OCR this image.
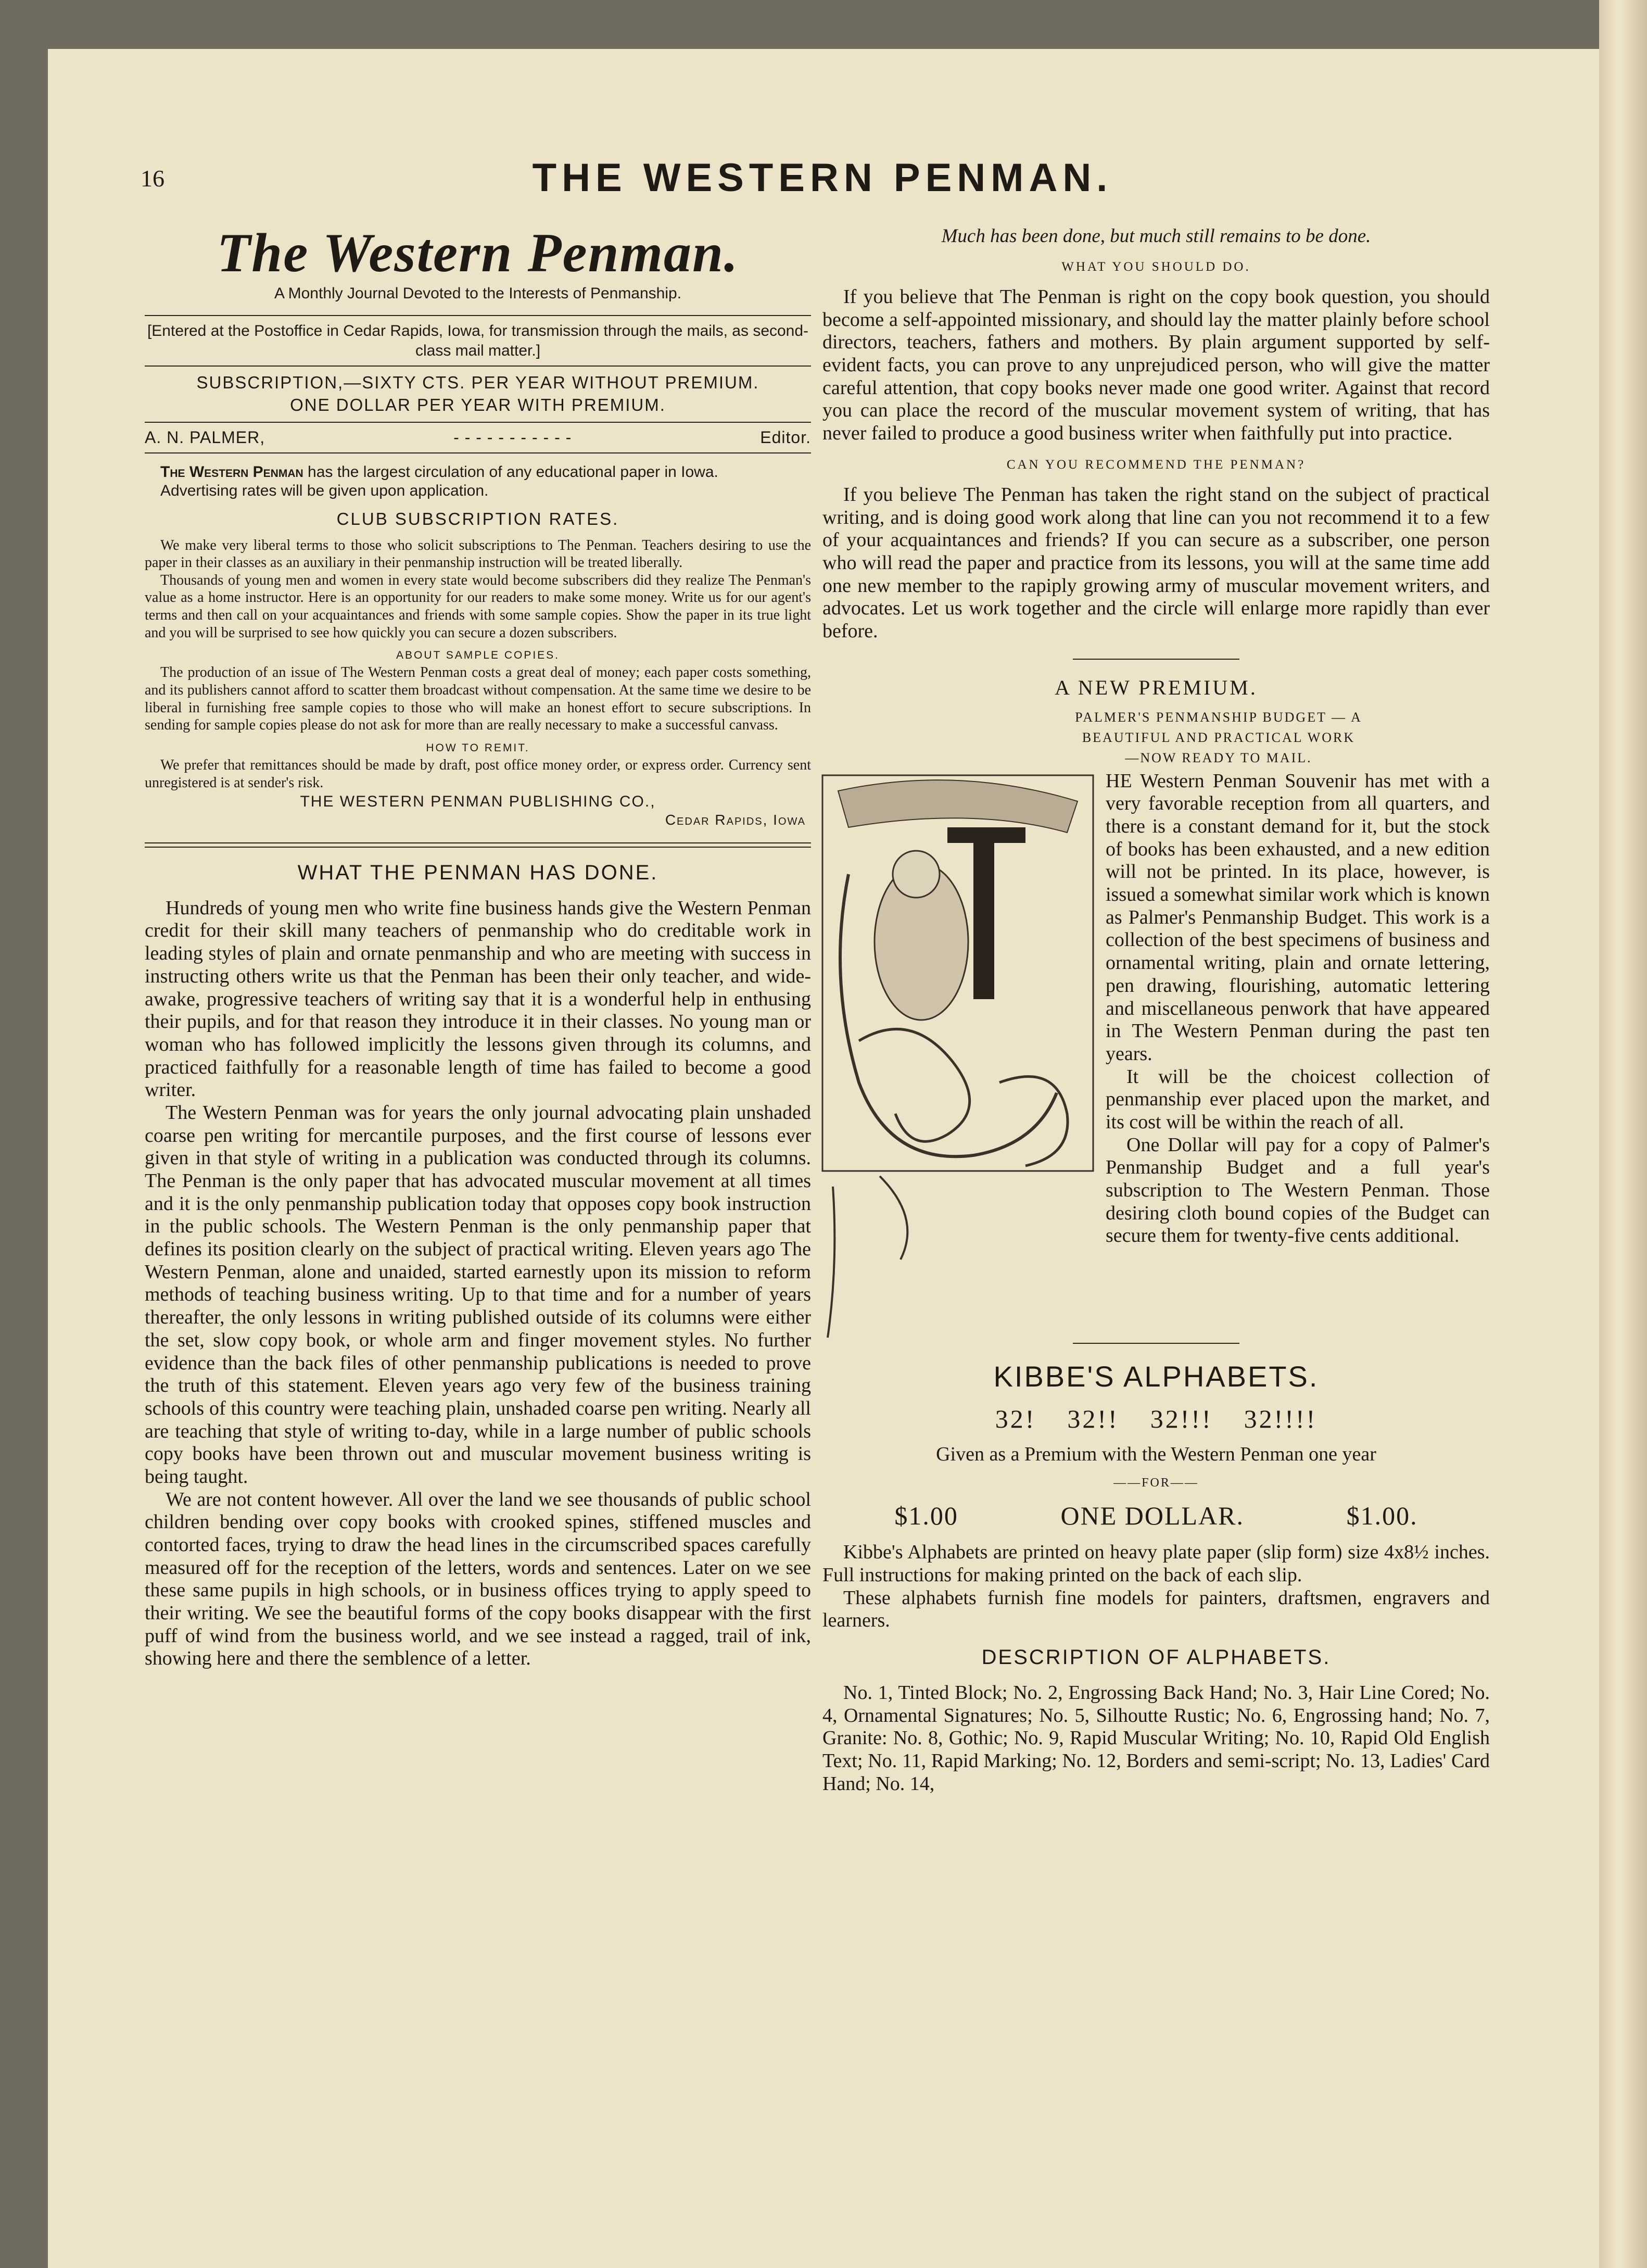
16	THE WESTERN PENMAN.
The Western Penman.
A Monthly Journal Devoted to the Interests of Penmanship.
[Entered at the Postoffice in Cedar Rapids, Iowa, for transmission through the mails, as second-class mail matter.]
SUBSCRIPTION,—SIXTY CTS. PER YEAR WITHOUT PREMIUM.
ONE DOLLAR PER YEAR WITH PREMIUM.
A. N. PALMER,	- - - - - - - - - - -	Editor.

The Western Penman has the largest circulation of any educational paper in Iowa.

Advertising rates will be given upon application.

CLUB SUBSCRIPTION RATES.

We make very liberal terms to those who solicit subscriptions to The Penman. Teachers desiring to use the paper in their classes as an auxiliary in their penmanship instruction will be treated liberally.

Thousands of young men and women in every state would become subscribers did they realize The Penman's value as a home instructor. Here is an opportunity for our readers to make some money. Write us for our agent's terms and then call on your acquaintances and friends with some sample copies. Show the paper in its true light and you will be surprised to see how quickly you can secure a dozen subscribers.

ABOUT SAMPLE COPIES.

The production of an issue of The Western Penman costs a great deal of money; each paper costs something, and its publishers cannot afford to scatter them broadcast without compensation. At the same time we desire to be liberal in furnishing free sample copies to those who will make an honest effort to secure subscriptions. In sending for sample copies please do not ask for more than are really necessary to make a successful canvass.

HOW TO REMIT.

We prefer that remittances should be made by draft, post office money order, or express order. Currency sent unregistered is at sender's risk.

THE WESTERN PENMAN PUBLISHING CO.,
Cedar Rapids, Iowa
WHAT THE PENMAN HAS DONE.

Hundreds of young men who write fine business hands give the Western Penman credit for their skill many teachers of penmanship who do creditable work in leading styles of plain and ornate penmanship and who are meeting with success in instructing others write us that the Penman has been their only teacher, and wide-awake, progressive teachers of writing say that it is a wonderful help in enthusing their pupils, and for that reason they introduce it in their classes. No young man or woman who has followed implicitly the lessons given through its columns, and practiced faithfully for a reasonable length of time has failed to become a good writer.

The Western Penman was for years the only journal advocating plain unshaded coarse pen writing for mercantile purposes, and the first course of lessons ever given in that style of writing in a publication was conducted through its columns. The Penman is the only paper that has advocated muscular movement at all times and it is the only penmanship publication today that opposes copy book instruction in the public schools. The Western Penman is the only penmanship paper that defines its position clearly on the subject of practical writing. Eleven years ago The Western Penman, alone and unaided, started earnestly upon its mission to reform methods of teaching business writing. Up to that time and for a number of years thereafter, the only lessons in writing published outside of its columns were either the set, slow copy book, or whole arm and finger movement styles. No further evidence than the back files of other penmanship publications is needed to prove the truth of this statement. Eleven years ago very few of the business training schools of this country were teaching plain, unshaded coarse pen writing. Nearly all are teaching that style of writing to-day, while in a large number of public schools copy books have been thrown out and muscular movement business writing is being taught.

We are not content however. All over the land we see thousands of public school children bending over copy books with crooked spines, stiffened muscles and contorted faces, trying to draw the head lines in the circumscribed spaces carefully measured off for the reception of the letters, words and sentences. Later on we see these same pupils in high schools, or in business offices trying to apply speed to their writing. We see the beautiful forms of the copy books disappear with the first puff of wind from the business world, and we see instead a ragged, trail of ink, showing here and there the semblence of a letter.

Much has been done, but much still remains to be done.
WHAT YOU SHOULD DO.

If you believe that The Penman is right on the copy book question, you should become a self-appointed missionary, and should lay the matter plainly before school directors, teachers, fathers and mothers. By plain argument supported by self-evident facts, you can prove to any unprejudiced person, who will give the matter careful attention, that copy books never made one good writer. Against that record you can place the record of the muscular movement system of writing, that has never failed to produce a good business writer when faithfully put into practice.

CAN YOU RECOMMEND THE PENMAN?

If you believe The Penman has taken the right stand on the subject of practical writing, and is doing good work along that line can you not recommend it to a few of your acquaintances and friends? If you can secure as a subscriber, one person who will read the paper and practice from its lessons, you will at the same time add one new member to the rapiply growing army of muscular movement writers, and advocates. Let us work together and the circle will enlarge more rapidly than ever before.

A NEW PREMIUM.
PALMER'S PENMANSHIP BUDGET — A
BEAUTIFUL AND PRACTICAL WORK
—NOW READY TO MAIL.

HE Western Penman Souvenir has met with a very favorable reception from all quarters, and there is a constant demand for it, but the stock of books has been exhausted, and a new edition will not be printed. In its place, however, is issued a somewhat similar work which is known as Palmer's Penmanship Budget. This work is a collection of the best specimens of business and ornamental writing, plain and ornate lettering, pen drawing, flourishing, automatic lettering and miscellaneous penwork that have appeared in The Western Penman during the past ten years.

It will be the choicest collection of penmanship ever placed upon the market, and its cost will be within the reach of all.

One Dollar will pay for a copy of Palmer's Penmanship Budget and a full year's subscription to The Western Penman. Those desiring cloth bound copies of the Budget can secure them for twenty-five cents additional.

KIBBE'S ALPHABETS.
32! 32!! 32!!! 32!!!!
Given as a Premium with the Western Penman one year
——FOR——
$1.00	ONE DOLLAR.	$1.00.

Kibbe's Alphabets are printed on heavy plate paper (slip form) size 4x8½ inches. Full instructions for making printed on the back of each slip.

These alphabets furnish fine models for painters, draftsmen, engravers and learners.

DESCRIPTION OF ALPHABETS.

No. 1, Tinted Block; No. 2, Engrossing Back Hand; No. 3, Hair Line Cored; No. 4, Ornamental Signatures; No. 5, Silhoutte Rustic; No. 6, Engrossing hand; No. 7, Granite: No. 8, Gothic; No. 9, Rapid Muscular Writing; No. 10, Rapid Old English Text; No. 11, Rapid Marking; No. 12, Borders and semi-script; No. 13, Ladies' Card Hand; No. 14,
